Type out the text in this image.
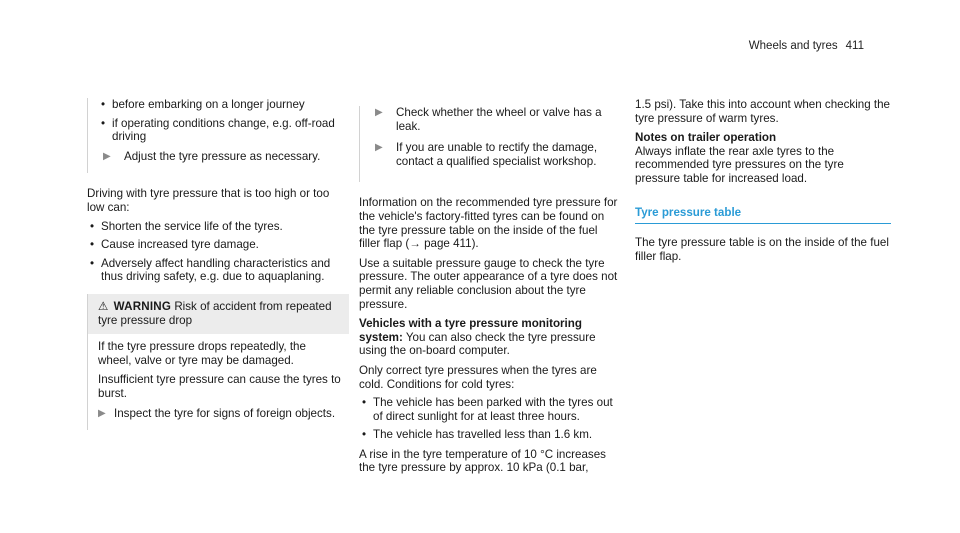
Wheels and tyres 411
• before embarking on a longer journey
• if operating conditions change, e.g. off-road driving
▶ Adjust the tyre pressure as necessary.

Driving with tyre pressure that is too high or too low can:

• Shorten the service life of the tyres.
• Cause increased tyre damage.
• Adversely affect handling characteristics and thus driving safety, e.g. due to aquaplaning.
⚠ WARNING Risk of accident from repeated tyre pressure drop

If the tyre pressure drops repeatedly, the wheel, valve or tyre may be damaged.

Insufficient tyre pressure can cause the tyres to burst.

▶ Inspect the tyre for signs of foreign objects.
▶ Check whether the wheel or valve has a leak.
▶ If you are unable to rectify the damage, contact a qualified specialist workshop.

Information on the recommended tyre pressure for the vehicle's factory-fitted tyres can be found on the tyre pressure table on the inside of the fuel filler flap (→ page 411).

Use a suitable pressure gauge to check the tyre pressure. The outer appearance of a tyre does not permit any reliable conclusion about the tyre pressure.

Vehicles with a tyre pressure monitoring system: You can also check the tyre pressure using the on-board computer.

Only correct tyre pressures when the tyres are cold. Conditions for cold tyres:

• The vehicle has been parked with the tyres out of direct sunlight for at least three hours.
• The vehicle has travelled less than 1.6 km.

A rise in the tyre temperature of 10 °C increases the tyre pressure by approx. 10 kPa (0.1 bar,

1.5 psi). Take this into account when checking the tyre pressure of warm tyres.

Notes on trailer operation

Always inflate the rear axle tyres to the recommended tyre pressures on the tyre pressure table for increased load.

Tyre pressure table

The tyre pressure table is on the inside of the fuel filler flap.
